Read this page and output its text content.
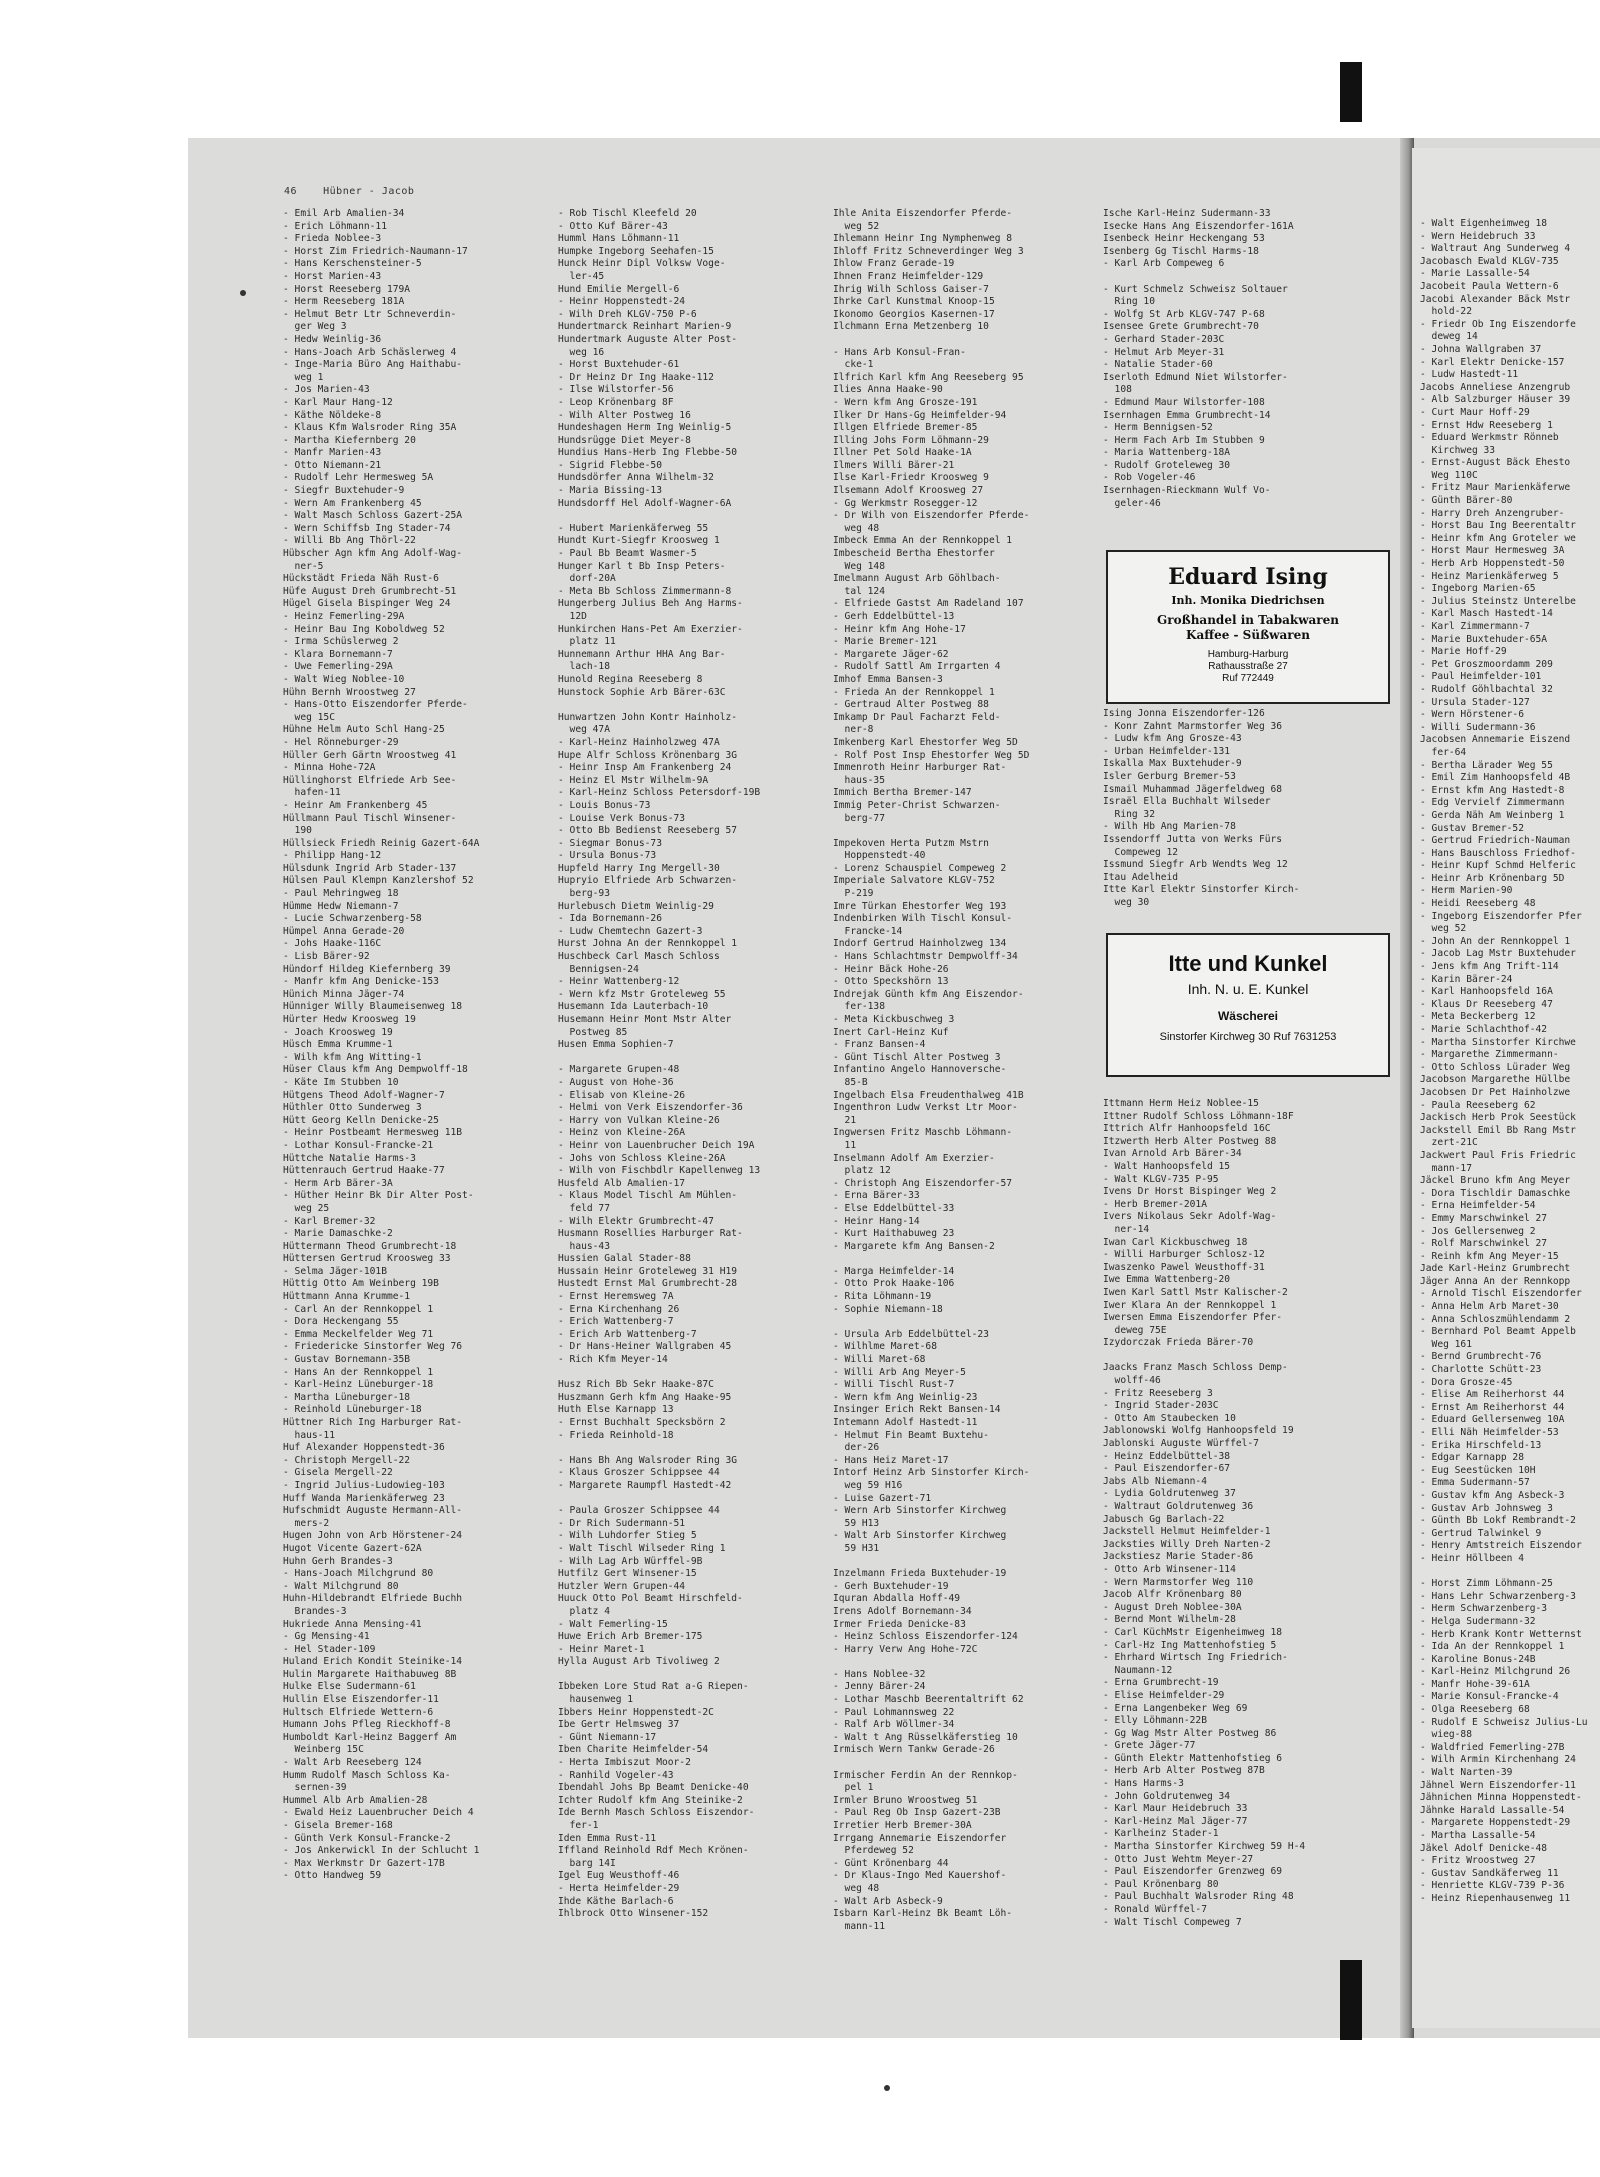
46	Hübner - Jacob
- Emil Arb Amalien-34
- Erich Löhmann-11
- Frieda Noblee-3
- Horst Zim Friedrich-Naumann-17
- Hans Kerschensteiner-5
- Horst Marien-43
- Horst Reeseberg 179A
- Herm Reeseberg 181A
- Helmut Betr Ltr Schneverdin-
ger Weg 3
- Hedw Weinlig-36
- Hans-Joach Arb Schäslerweg 4
- Inge-Maria Büro Ang Haithabu-
weg 1
- Jos Marien-43
- Karl Maur Hang-12
- Käthe Nöldeke-8
- Klaus Kfm Walsroder Ring 35A
- Martha Kiefernberg 20
- Manfr Marien-43
- Otto Niemann-21
- Rudolf Lehr Hermesweg 5A
- Siegfr Buxtehuder-9
- Wern Am Frankenberg 45
- Walt Masch Schloss Gazert-25A
- Wern Schiffsb Ing Stader-74
- Willi Bb Ang Thörl-22
Hübscher Agn kfm Ang Adolf-Wag-
ner-5
Hückstädt Frieda Näh Rust-6
Hüfe August Dreh Grumbrecht-51
Hügel Gisela Bispinger Weg 24
- Heinz Femerling-29A
- Heinr Bau Ing Koboldweg 52
- Irma Schüslerweg 2
- Klara Bornemann-7
- Uwe Femerling-29A
- Walt Wieg Noblee-10
Hühn Bernh Wroostweg 27
- Hans-Otto Eiszendorfer Pferde-
weg 15C
Hühne Helm Auto Schl Hang-25
- Hel Rönneburger-29
Hüller Gerh Gärtn Wroostweg 41
- Minna Hohe-72A
Hüllinghorst Elfriede Arb See-
hafen-11
- Heinr Am Frankenberg 45
Hüllmann Paul Tischl Winsener-
190
Hüllsieck Friedh Reinig Gazert-64A
- Philipp Hang-12
Hülsdunk Ingrid Arb Stader-137
Hülsen Paul Klempn Kanzlershof 52
- Paul Mehringweg 18
Hümme Hedw Niemann-7
- Lucie Schwarzenberg-58
Hümpel Anna Gerade-20
- Johs Haake-116C
- Lisb Bärer-92
Hündorf Hildeg Kiefernberg 39
- Manfr kfm Ang Denicke-153
Hünich Minna Jäger-74
Hünniger Willy Blaumeisenweg 18
Hürter Hedw Kroosweg 19
- Joach Kroosweg 19
Hüsch Emma Krumme-1
- Wilh kfm Ang Witting-1
Hüser Claus kfm Ang Dempwolff-18
- Käte Im Stubben 10
Hütgens Theod Adolf-Wagner-7
Hüthler Otto Sunderweg 3
Hütt Georg Kelln Denicke-25
- Heinr Postbeamt Hermesweg 11B
- Lothar Konsul-Francke-21
Hüttche Natalie Harms-3
Hüttenrauch Gertrud Haake-77
- Herm Arb Bärer-3A
- Hüther Heinr Bk Dir Alter Post-
weg 25
- Karl Bremer-32
- Marie Damaschke-2
Hüttermann Theod Grumbrecht-18
Hüttersen Gertrud Kroosweg 33
- Selma Jäger-101B
Hüttig Otto Am Weinberg 19B
Hüttmann Anna Krumme-1
- Carl An der Rennkoppel 1
- Dora Heckengang 55
- Emma Meckelfelder Weg 71
- Friedericke Sinstorfer Weg 76
- Gustav Bornemann-35B
- Hans An der Rennkoppel 1
- Karl-Heinz Lüneburger-18
- Martha Lüneburger-18
- Reinhold Lüneburger-18
Hüttner Rich Ing Harburger Rat-
haus-11
Huf Alexander Hoppenstedt-36
- Christoph Mergell-22
- Gisela Mergell-22
- Ingrid Julius-Ludowieg-103
Huff Wanda Marienkäferweg 23
Hufschmidt Auguste Hermann-All-
mers-2
Hugen John von Arb Hörstener-24
Hugot Vicente Gazert-62A
Huhn Gerh Brandes-3
- Hans-Joach Milchgrund 80
- Walt Milchgrund 80
Huhn-Hildebrandt Elfriede Buchh
Brandes-3
Hukriede Anna Mensing-41
- Gg Mensing-41
- Hel Stader-109
Huland Erich Kondit Steinike-14
Hulin Margarete Haithabuweg 8B
Hulke Else Sudermann-61
Hullin Else Eiszendorfer-11
Hultsch Elfriede Wettern-6
Humann Johs Pfleg Rieckhoff-8
Humboldt Karl-Heinz Baggerf Am
Weinberg 15C
- Walt Arb Reeseberg 124
Humm Rudolf Masch Schloss Ka-
sernen-39
Hummel Alb Arb Amalien-28
- Ewald Heiz Lauenbrucher Deich 4
- Gisela Bremer-168
- Günth Verk Konsul-Francke-2
- Jos Ankerwickl In der Schlucht 1
- Max Werkmstr Dr Gazert-17B
- Otto Handweg 59
- Rob Tischl Kleefeld 20
- Otto Kuf Bärer-43
Humml Hans Löhmann-11
Humpke Ingeborg Seehafen-15
Hunck Heinr Dipl Volksw Voge-
ler-45
Hund Emilie Mergell-6
- Heinr Hoppenstedt-24
- Wilh Dreh KLGV-750 P-6
Hundertmarck Reinhart Marien-9
Hundertmark Auguste Alter Post-
weg 16
- Horst Buxtehuder-61
- Dr Heinz Dr Ing Haake-112
- Ilse Wilstorfer-56
- Leop Krönenbarg 8F
- Wilh Alter Postweg 16
Hundeshagen Herm Ing Weinlig-5
Hundsrügge Diet Meyer-8
Hundius Hans-Herb Ing Flebbe-50
- Sigrid Flebbe-50
Hundsdörfer Anna Wilhelm-32
- Maria Bissing-13
Hundsdorff Hel Adolf-Wagner-6A
- Hubert Marienkäferweg 55
Hundt Kurt-Siegfr Kroosweg 1
- Paul Bb Beamt Wasmer-5
Hunger Karl t Bb Insp Peters-
dorf-20A
- Meta Bb Schloss Zimmermann-8
Hungerberg Julius Beh Ang Harms-
12D
Hunkirchen Hans-Pet Am Exerzier-
platz 11
Hunnemann Arthur HHA Ang Bar-
lach-18
Hunold Regina Reeseberg 8
Hunstock Sophie Arb Bärer-63C
Hunwartzen John Kontr Hainholz-
weg 47A
- Karl-Heinz Hainholzweg 47A
Hupe Alfr Schloss Krönenbarg 3G
- Heinr Insp Am Frankenberg 24
- Heinz El Mstr Wilhelm-9A
- Karl-Heinz Schloss Petersdorf-19B
- Louis Bonus-73
- Louise Verk Bonus-73
- Otto Bb Bedienst Reeseberg 57
- Siegmar Bonus-73
- Ursula Bonus-73
Hupfeld Harry Ing Mergell-30
Hupryio Elfriede Arb Schwarzen-
berg-93
Hurlebusch Dietm Weinlig-29
- Ida Bornemann-26
- Ludw Chemtechn Gazert-3
Hurst Johna An der Rennkoppel 1
Huschbeck Carl Masch Schloss
Bennigsen-24
- Heinr Wattenberg-12
- Wern kfz Mstr Groteleweg 55
Husemann Ida Lauterbach-10
Husemann Heinr Mont Mstr Alter
Postweg 85
Husen Emma Sophien-7
- Margarete Grupen-48
- August von Hohe-36
- Elisab von Kleine-26
- Helmi von Verk Eiszendorfer-36
- Harry von Vulkan Kleine-26
- Heinz von Kleine-26A
- Heinr von Lauenbrucher Deich 19A
- Johs von Schloss Kleine-26A
- Wilh von Fischbdlr Kapellenweg 13
Husfeld Alb Amalien-17
- Klaus Model Tischl Am Mühlen-
feld 77
- Wilh Elektr Grumbrecht-47
Husmann Rosellies Harburger Rat-
haus-43
Hussien Galal Stader-88
Hussain Heinr Groteleweg 31 H19
Hustedt Ernst Mal Grumbrecht-28
- Ernst Heremsweg 7A
- Erna Kirchenhang 26
- Erich Wattenberg-7
- Erich Arb Wattenberg-7
- Dr Hans-Heiner Wallgraben 45
- Rich Kfm Meyer-14
Husz Rich Bb Sekr Haake-87C
Huszmann Gerh kfm Ang Haake-95
Huth Else Karnapp 13
- Ernst Buchhalt Specksbörn 2
- Frieda Reinhold-18
- Hans Bh Ang Walsroder Ring 3G
- Klaus Groszer Schippsee 44
- Margarete Raumpfl Hastedt-42
- Paula Groszer Schippsee 44
- Dr Rich Sudermann-51
- Wilh Luhdorfer Stieg 5
- Walt Tischl Wilseder Ring 1
- Wilh Lag Arb Würffel-9B
Hutfilz Gert Winsener-15
Hutzler Wern Grupen-44
Huuck Otto Pol Beamt Hirschfeld-
platz 4
- Walt Femerling-15
Huwe Erich Arb Bremer-175
- Heinr Maret-1
Hylla August Arb Tivoliweg 2
Ibbeken Lore Stud Rat a-G Riepen-
hausenweg 1
Ibbers Heinr Hoppenstedt-2C
Ibe Gertr Helmsweg 37
- Günt Niemann-17
Iben Charite Heimfelder-54
- Herta Imbiszut Moor-2
- Ranhild Vogeler-43
Ibendahl Johs Bp Beamt Denicke-40
Ichter Rudolf kfm Ang Steinike-2
Ide Bernh Masch Schloss Eiszendor-
fer-1
Iden Emma Rust-11
Iffland Reinhold Rdf Mech Krönen-
barg 14I
Igel Eug Weusthoff-46
- Herta Heimfelder-29
Ihde Käthe Barlach-6
Ihlbrock Otto Winsener-152
Ihle Anita Eiszendorfer Pferde-
weg 52
Ihlemann Heinr Ing Nymphenweg 8
Ihloff Fritz Schneverdinger Weg 3
Ihlow Franz Gerade-19
Ihnen Franz Heimfelder-129
Ihrig Wilh Schloss Gaiser-7
Ihrke Carl Kunstmal Knoop-15
Ikonomo Georgios Kasernen-17
Ilchmann Erna Metzenberg 10
- Hans Arb Konsul-Fran-
cke-1
Ilfrich Karl kfm Ang Reeseberg 95
Ilies Anna Haake-90
- Wern kfm Ang Grosze-191
Ilker Dr Hans-Gg Heimfelder-94
Illgen Elfriede Bremer-85
Illing Johs Form Löhmann-29
Illner Pet Sold Haake-1A
Ilmers Willi Bärer-21
Ilse Karl-Friedr Kroosweg 9
Ilsemann Adolf Kroosweg 27
- Gg Werkmstr Rosegger-12
- Dr Wilh von Eiszendorfer Pferde-
weg 48
Imbeck Emma An der Rennkoppel 1
Imbescheid Bertha Ehestorfer
Weg 148
Imelmann August Arb Göhlbach-
tal 124
- Elfriede Gastst Am Radeland 107
- Gerh Eddelbüttel-13
- Heinr kfm Ang Hohe-17
- Marie Bremer-121
- Margarete Jäger-62
- Rudolf Sattl Am Irrgarten 4
Imhof Emma Bansen-3
- Frieda An der Rennkoppel 1
- Gertraud Alter Postweg 88
Imkamp Dr Paul Facharzt Feld-
ner-8
Imkenberg Karl Ehestorfer Weg 5D
- Rolf Post Insp Ehestorfer Weg 5D
Immenroth Heinr Harburger Rat-
haus-35
Immich Bertha Bremer-147
Immig Peter-Christ Schwarzen-
berg-77
Impekoven Herta Putzm Mstrn
Hoppenstedt-40
- Lorenz Schauspiel Compeweg 2
Imperiale Salvatore KLGV-752
P-219
Imre Türkan Ehestorfer Weg 193
Indenbirken Wilh Tischl Konsul-
Francke-14
Indorf Gertrud Hainholzweg 134
- Hans Schlachtmstr Dempwolff-34
- Heinr Bäck Hohe-26
- Otto Speckshörn 13
Indrejak Günth kfm Ang Eiszendor-
fer-138
- Meta Kickbuschweg 3
Inert Carl-Heinz Kuf
- Franz Bansen-4
- Günt Tischl Alter Postweg 3
Infantino Angelo Hannoversche-
85-B
Ingelbach Elsa Freudenthalweg 41B
Ingenthron Ludw Verkst Ltr Moor-
21
Ingwersen Fritz Maschb Löhmann-
11
Inselmann Adolf Am Exerzier-
platz 12
- Christoph Ang Eiszendorfer-57
- Erna Bärer-33
- Else Eddelbüttel-33
- Heinr Hang-14
- Kurt Haithabuweg 23
- Margarete kfm Ang Bansen-2
- Marga Heimfelder-14
- Otto Prok Haake-106
- Rita Löhmann-19
- Sophie Niemann-18
- Ursula Arb Eddelbüttel-23
- Wilhlme Maret-68
- Willi Maret-68
- Willi Arb Ang Meyer-5
- Willi Tischl Rust-7
- Wern kfm Ang Weinlig-23
Insinger Erich Rekt Bansen-14
Intemann Adolf Hastedt-11
- Helmut Fin Beamt Buxtehu-
der-26
- Hans Heiz Maret-17
Intorf Heinz Arb Sinstorfer Kirch-
weg 59 H16
- Luise Gazert-71
- Wern Arb Sinstorfer Kirchweg
59 H13
- Walt Arb Sinstorfer Kirchweg
59 H31
Inzelmann Frieda Buxtehuder-19
- Gerh Buxtehuder-19
Iquran Abdalla Hoff-49
Irens Adolf Bornemann-34
Irmer Frieda Denicke-83
- Heinz Schloss Eiszendorfer-124
- Harry Verw Ang Hohe-72C
- Hans Noblee-32
- Jenny Bärer-24
- Lothar Maschb Beerentaltrift 62
- Paul Lohmannsweg 22
- Ralf Arb Wöllmer-34
- Walt t Ang Rüsselkäferstieg 10
Irmisch Wern Tankw Gerade-26
Irmischer Ferdin An der Rennkop-
pel 1
Irmler Bruno Wroostweg 51
- Paul Reg Ob Insp Gazert-23B
Irretier Herb Bremer-30A
Irrgang Annemarie Eiszendorfer
Pferdeweg 52
- Günt Krönenbarg 44
- Dr Klaus-Ingo Med Kauershof-
weg 48
- Walt Arb Asbeck-9
Isbarn Karl-Heinz Bk Beamt Löh-
mann-11
Ische Karl-Heinz Sudermann-33
Isecke Hans Ang Eiszendorfer-161A
Isenbeck Heinr Heckengang 53
Isenberg Gg Tischl Harms-18
- Karl Arb Compeweg 6
- Kurt Schmelz Schweisz Soltauer
Ring 10
- Wolfg St Arb KLGV-747 P-68
Isensee Grete Grumbrecht-70
- Gerhard Stader-203C
- Helmut Arb Meyer-31
- Natalie Stader-60
Iserloth Edmund Niet Wilstorfer-
108
- Edmund Maur Wilstorfer-108
Isernhagen Emma Grumbrecht-14
- Herm Bennigsen-52
- Herm Fach Arb Im Stubben 9
- Maria Wattenberg-18A
- Rudolf Groteleweg 30
- Rob Vogeler-46
Isernhagen-Rieckmann Wulf Vo-
geler-46
Ising Jonna Eiszendorfer-126
- Konr Zahnt Marmstorfer Weg 36
- Ludw kfm Ang Grosze-43
- Urban Heimfelder-131
Iskalla Max Buxtehuder-9
Isler Gerburg Bremer-53
Ismail Muhammad Jägerfeldweg 68
Israël Ella Buchhalt Wilseder
Ring 32
- Wilh Hb Ang Marien-78
Issendorff Jutta von Werks Fürs
Compeweg 12
Issmund Siegfr Arb Wendts Weg 12
Itau Adelheid
Itte Karl Elektr Sinstorfer Kirch-
weg 30
Ittmann Herm Heiz Noblee-15
Ittner Rudolf Schloss Löhmann-18F
Ittrich Alfr Hanhoopsfeld 16C
Itzwerth Herb Alter Postweg 88
Ivan Arnold Arb Bärer-34
- Walt Hanhoopsfeld 15
- Walt KLGV-735 P-95
Ivens Dr Horst Bispinger Weg 2
- Herb Bremer-201A
Ivers Nikolaus Sekr Adolf-Wag-
ner-14
Iwan Carl Kickbuschweg 18
- Willi Harburger Schlosz-12
Iwaszenko Pawel Weusthoff-31
Iwe Emma Wattenberg-20
Iwen Karl Sattl Mstr Kalischer-2
Iwer Klara An der Rennkoppel 1
Iwersen Emma Eiszendorfer Pfer-
deweg 75E
Izydorczak Frieda Bärer-70
Jaacks Franz Masch Schloss Demp-
wolff-46
- Fritz Reeseberg 3
- Ingrid Stader-203C
- Otto Am Staubecken 10
Jablonowski Wolfg Hanhoopsfeld 19
Jablonski Auguste Würffel-7
- Heinz Eddelbüttel-38
- Paul Eiszendorfer-67
Jabs Alb Niemann-4
- Lydia Goldrutenweg 37
- Waltraut Goldrutenweg 36
Jabusch Gg Barlach-22
Jackstell Helmut Heimfelder-1
Jacksties Willy Dreh Narten-2
Jackstiesz Marie Stader-86
- Otto Arb Winsener-114
- Wern Marmstorfer Weg 110
Jacob Alfr Krönenbarg 80
- August Dreh Noblee-30A
- Bernd Mont Wilhelm-28
- Carl KüchMstr Eigenheimweg 18
- Carl-Hz Ing Mattenhofstieg 5
- Ehrhard Wirtsch Ing Friedrich-
Naumann-12
- Erna Grumbrecht-19
- Elise Heimfelder-29
- Erna Langenbeker Weg 69
- Elly Löhmann-22B
- Gg Wag Mstr Alter Postweg 86
- Grete Jäger-77
- Günth Elektr Mattenhofstieg 6
- Herb Arb Alter Postweg 87B
- Hans Harms-3
- John Goldrutenweg 34
- Karl Maur Heidebruch 33
- Karl-Heinz Mal Jäger-77
- Karlheinz Stader-1
- Martha Sinstorfer Kirchweg 59 H-4
- Otto Just Wehtm Meyer-27
- Paul Eiszendorfer Grenzweg 69
- Paul Krönenbarg 80
- Paul Buchhalt Walsroder Ring 48
- Ronald Würffel-7
- Walt Tischl Compeweg 7
Eduard Ising
Inh. Monika Diedrichsen
Großhandel in Tabakwaren
Kaffee - Süßwaren
Hamburg-Harburg
Rathausstraße 27
Ruf 772449
Itte und Kunkel
Inh. N. u. E. Kunkel
Wäscherei
Sinstorfer Kirchweg 30 Ruf 7631253
- Walt Eigenheimweg 18
- Wern Heidebruch 33
- Waltraut Ang Sunderweg 4
Jacobasch Ewald KLGV-735
- Marie Lassalle-54
Jacobeit Paula Wettern-6
Jacobi Alexander Bäck Mstr
hold-22
- Friedr Ob Ing Eiszendorfe
deweg 14
- Johna Wallgraben 37
- Karl Elektr Denicke-157
- Ludw Hastedt-11
Jacobs Anneliese Anzengrub
- Alb Salzburger Häuser 39
- Curt Maur Hoff-29
- Ernst Hdw Reeseberg 1
- Eduard Werkmstr Rönneb
Kirchweg 33
- Ernst-August Bäck Ehesto
Weg 110C
- Fritz Maur Marienkäferwe
- Günth Bärer-80
- Harry Dreh Anzengruber-
- Horst Bau Ing Beerentaltr
- Heinr kfm Ang Groteler we
- Horst Maur Hermesweg 3A
- Herb Arb Hoppenstedt-50
- Heinz Marienkäferweg 5
- Ingeborg Marien-65
- Julius Steinstz Unterelbe
- Karl Masch Hastedt-14
- Karl Zimmermann-7
- Marie Buxtehuder-65A
- Marie Hoff-29
- Pet Groszmoordamm 209
- Paul Heimfelder-101
- Rudolf Göhlbachtal 32
- Ursula Stader-127
- Wern Hörstener-6
- Willi Sudermann-36
Jacobsen Annemarie Eiszend
fer-64
- Bertha Lärader Weg 55
- Emil Zim Hanhoopsfeld 4B
- Ernst kfm Ang Hastedt-8
- Edg Vervielf Zimmermann
- Gerda Näh Am Weinberg 1
- Gustav Bremer-52
- Gertrud Friedrich-Nauman
- Hans Bauschloss Friedhof-
- Heinr Kupf Schmd Helferic
- Heinr Arb Krönenbarg 5D
- Herm Marien-90
- Heidi Reeseberg 48
- Ingeborg Eiszendorfer Pfer
weg 52
- John An der Rennkoppel 1
- Jacob Lag Mstr Buxtehuder
- Jens kfm Ang Trift-114
- Karin Bärer-24
- Karl Hanhoopsfeld 16A
- Klaus Dr Reeseberg 47
- Meta Beckerberg 12
- Marie Schlachthof-42
- Martha Sinstorfer Kirchwe
- Margarethe Zimmermann-
- Otto Schloss Lürader Weg
Jacobson Margarethe Hüllbe
Jacobsen Dr Pet Hainholzwe
- Paula Reeseberg 62
Jackisch Herb Prok Seestück
Jackstell Emil Bb Rang Mstr
zert-21C
Jackwert Paul Fris Friedric
mann-17
Jäckel Bruno kfm Ang Meyer
- Dora Tischldir Damaschke
- Erna Heimfelder-54
- Emmy Marschwinkel 27
- Jos Gellersenweg 2
- Rolf Marschwinkel 27
- Reinh kfm Ang Meyer-15
Jade Karl-Heinz Grumbrecht
Jäger Anna An der Rennkopp
- Arnold Tischl Eiszendorfer
- Anna Helm Arb Maret-30
- Anna Schloszmühlendamm 2
- Bernhard Pol Beamt Appelb
Weg 161
- Bernd Grumbrecht-76
- Charlotte Schütt-23
- Dora Grosze-45
- Elise Am Reiherhorst 44
- Ernst Am Reiherhorst 44
- Eduard Gellersenweg 10A
- Elli Näh Heimfelder-53
- Erika Hirschfeld-13
- Edgar Karnapp 28
- Eug Seestücken 10H
- Emma Sudermann-57
- Gustav kfm Ang Asbeck-3
- Gustav Arb Johnsweg 3
- Günth Bb Lokf Rembrandt-2
- Gertrud Talwinkel 9
- Henry Amtstreich Eiszendor
- Heinr Höllbeen 4
- Horst Zimm Löhmann-25
- Hans Lehr Schwarzenberg-3
- Herm Schwarzenberg-3
- Helga Sudermann-32
- Herb Krank Kontr Wetternst
- Ida An der Rennkoppel 1
- Karoline Bonus-24B
- Karl-Heinz Milchgrund 26
- Manfr Hohe-39-61A
- Marie Konsul-Francke-4
- Olga Reeseberg 68
- Rudolf E Schweisz Julius-Lu
wieg-88
- Waldfried Femerling-27B
- Wilh Armin Kirchenhang 24
- Walt Narten-39
Jähnel Wern Eiszendorfer-11
Jähnichen Minna Hoppenstedt-
Jähnke Harald Lassalle-54
- Margarete Hoppenstedt-29
- Martha Lassalle-54
Jäkel Adolf Denicke-48
- Fritz Wroostweg 27
- Gustav Sandkäferweg 11
- Henriette KLGV-739 P-36
- Heinz Riepenhausenweg 11
